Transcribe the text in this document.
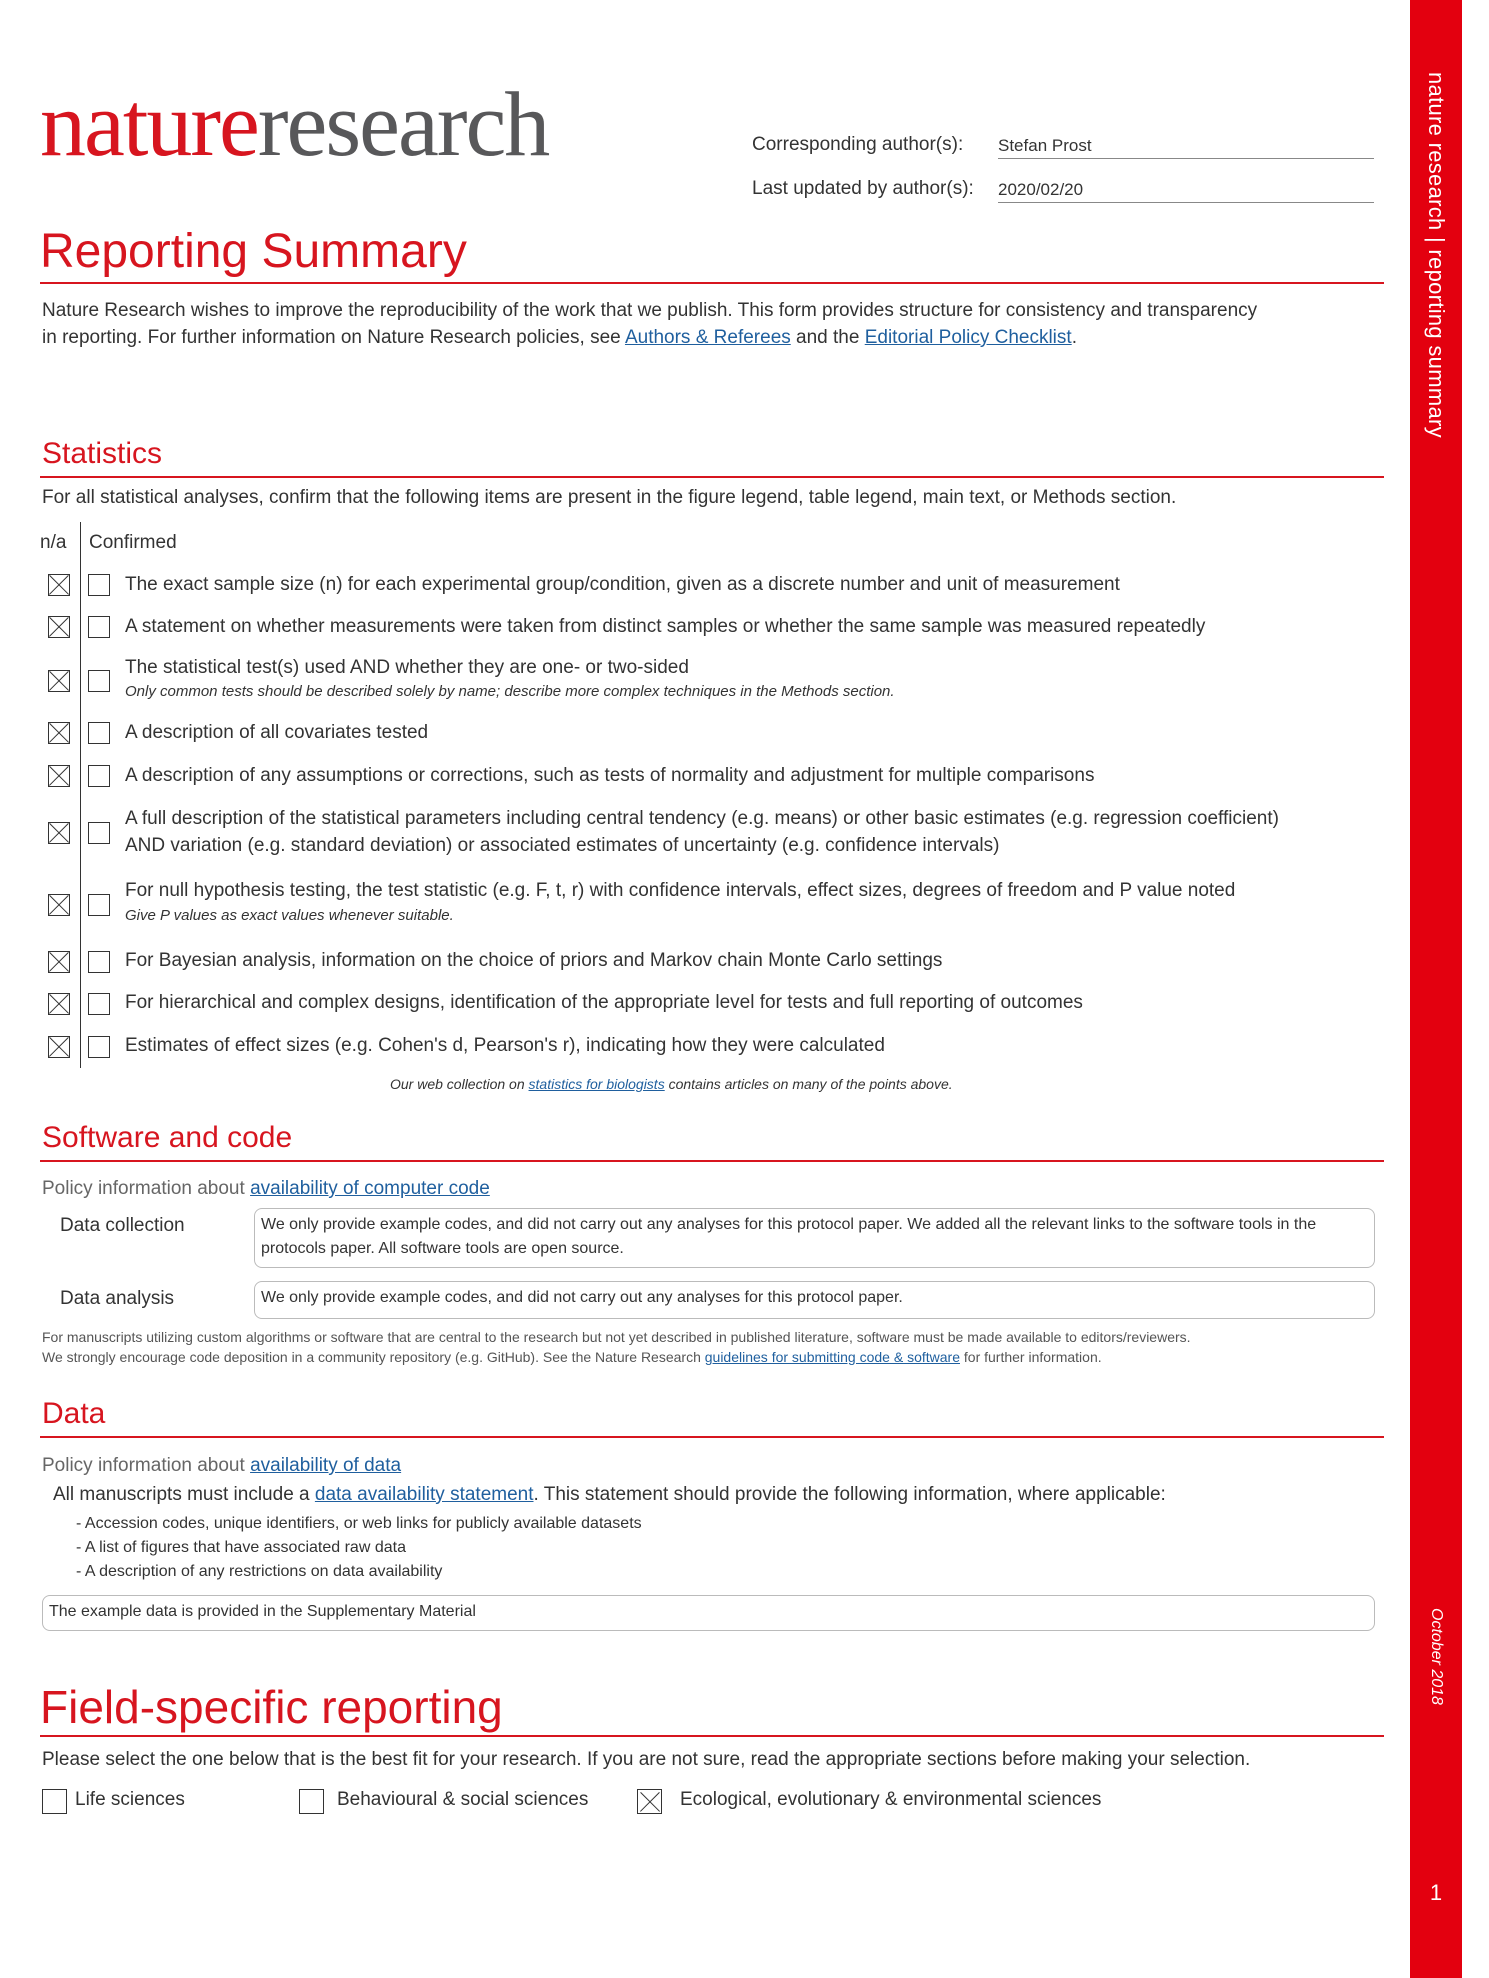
nature research | reporting summary
October 2018
1
natureresearch	Corresponding author(s): Stefan Prost
Last updated by author(s): 2020/02/20
Reporting Summary
Nature Research wishes to improve the reproducibility of the work that we publish. This form provides structure for consistency and transparency
in reporting. For further information on Nature Research policies, see Authors & Referees and the Editorial Policy Checklist.
Statistics
For all statistical analyses, confirm that the following items are present in the figure legend, table legend, main text, or Methods section.
n/a Confirmed
The exact sample size (n) for each experimental group/condition, given as a discrete number and unit of measurement
A statement on whether measurements were taken from distinct samples or whether the same sample was measured repeatedly
The statistical test(s) used AND whether they are one- or two-sided
Only common tests should be described solely by name; describe more complex techniques in the Methods section.
A description of all covariates tested
A description of any assumptions or corrections, such as tests of normality and adjustment for multiple comparisons
A full description of the statistical parameters including central tendency (e.g. means) or other basic estimates (e.g. regression coefficient)
AND variation (e.g. standard deviation) or associated estimates of uncertainty (e.g. confidence intervals)
For null hypothesis testing, the test statistic (e.g. F, t, r) with confidence intervals, effect sizes, degrees of freedom and P value noted
Give P values as exact values whenever suitable.
For Bayesian analysis, information on the choice of priors and Markov chain Monte Carlo settings
For hierarchical and complex designs, identification of the appropriate level for tests and full reporting of outcomes
Estimates of effect sizes (e.g. Cohen's d, Pearson's r), indicating how they were calculated
Our web collection on statistics for biologists contains articles on many of the points above.
Software and code
Policy information about availability of computer code
Data collection	We only provide example codes, and did not carry out any analyses for this protocol paper. We added all the relevant links to the software tools in the protocols paper. All software tools are open source.
Data analysis	We only provide example codes, and did not carry out any analyses for this protocol paper.
For manuscripts utilizing custom algorithms or software that are central to the research but not yet described in published literature, software must be made available to editors/reviewers.
We strongly encourage code deposition in a community repository (e.g. GitHub). See the Nature Research guidelines for submitting code & software for further information.
Data
Policy information about availability of data
All manuscripts must include a data availability statement. This statement should provide the following information, where applicable:
- Accession codes, unique identifiers, or web links for publicly available datasets
- A list of figures that have associated raw data
- A description of any restrictions on data availability
The example data is provided in the Supplementary Material
Field-specific reporting
Please select the one below that is the best fit for your research. If you are not sure, read the appropriate sections before making your selection.
Life sciences	Behavioural & social sciences	Ecological, evolutionary & environmental sciences
